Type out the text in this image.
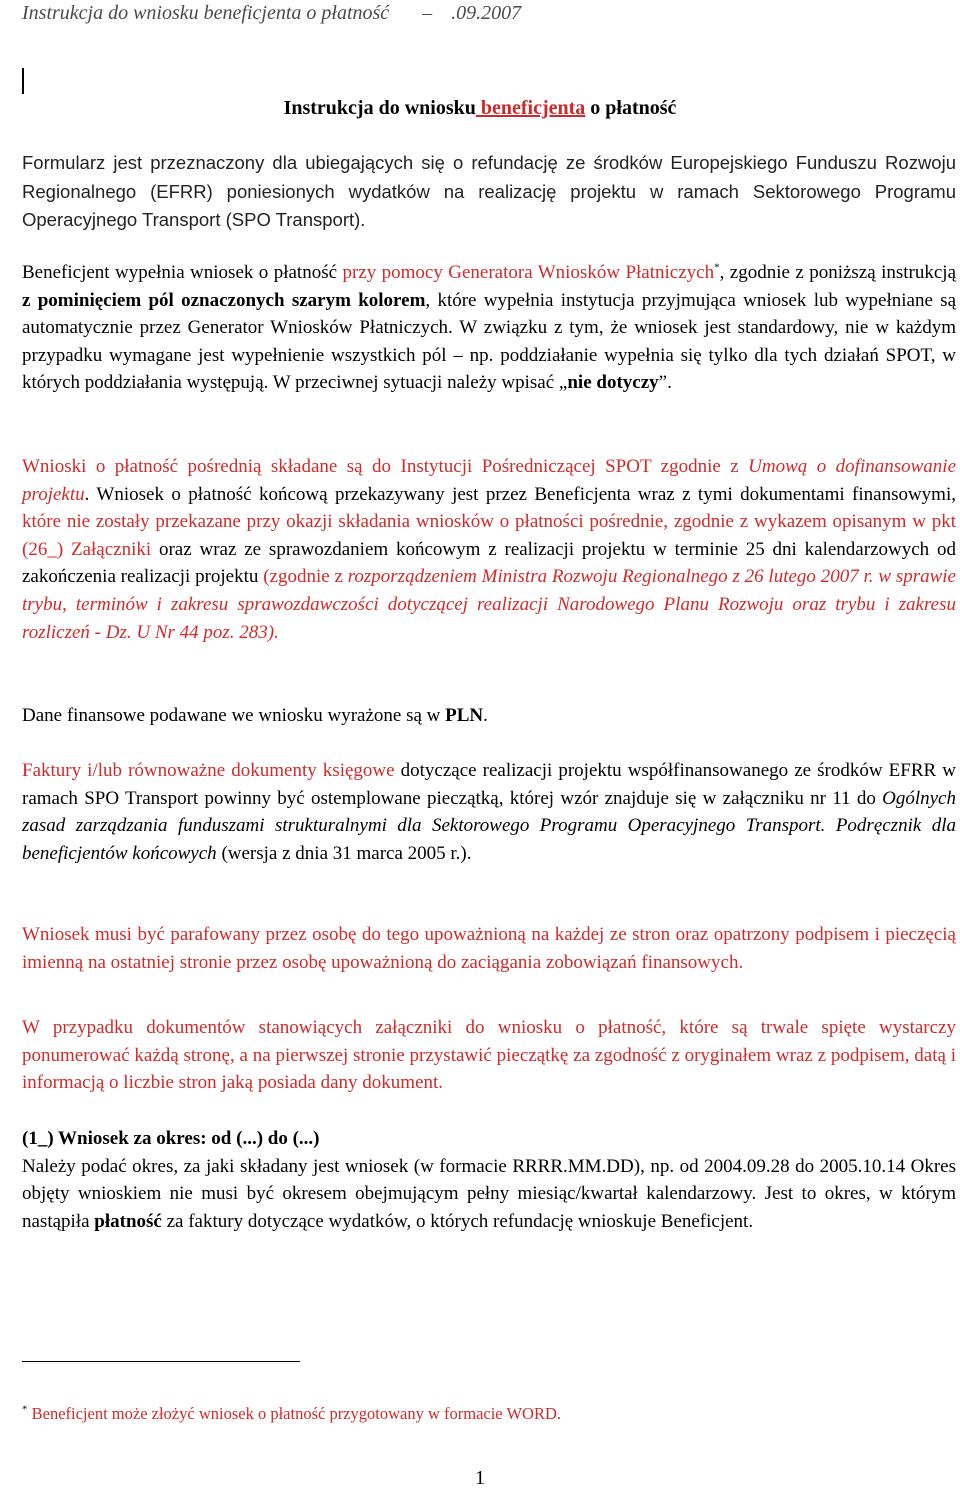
Instrukcja do wniosku beneficjenta o płatność – .09.2007
Instrukcja do wniosku beneficjenta o płatność

Formularz jest przeznaczony dla ubiegających się o refundację ze środków Europejskiego Funduszu Rozwoju Regionalnego (EFRR) poniesionych wydatków na realizację projektu w ramach Sektorowego Programu Operacyjnego Transport (SPO Transport).

Beneficjent wypełnia wniosek o płatność przy pomocy Generatora Wniosków Płatniczych*, zgodnie z poniższą instrukcją z pominięciem pól oznaczonych szarym kolorem, które wypełnia instytucja przyjmująca wniosek lub wypełniane są automatycznie przez Generator Wniosków Płatniczych. W związku z tym, że wniosek jest standardowy, nie w każdym przypadku wymagane jest wypełnienie wszystkich pól – np. poddziałanie wypełnia się tylko dla tych działań SPOT, w których poddziałania występują. W przeciwnej sytuacji należy wpisać „nie dotyczy”.

Wnioski o płatność pośrednią składane są do Instytucji Pośredniczącej SPOT zgodnie z Umową o dofinansowanie projektu. Wniosek o płatność końcową przekazywany jest przez Beneficjenta wraz z tymi dokumentami finansowymi, które nie zostały przekazane przy okazji składania wniosków o płatności pośrednie, zgodnie z wykazem opisanym w pkt (26_) Załączniki oraz wraz ze sprawozdaniem końcowym z realizacji projektu w terminie 25 dni kalendarzowych od zakończenia realizacji projektu (zgodnie z rozporządzeniem Ministra Rozwoju Regionalnego z 26 lutego 2007 r. w sprawie trybu, terminów i zakresu sprawozdawczości dotyczącej realizacji Narodowego Planu Rozwoju oraz trybu i zakresu rozliczeń - Dz. U Nr 44 poz. 283).

Dane finansowe podawane we wniosku wyrażone są w PLN.

Faktury i/lub równoważne dokumenty księgowe dotyczące realizacji projektu współfinansowanego ze środków EFRR w ramach SPO Transport powinny być ostemplowane pieczątką, której wzór znajduje się w załączniku nr 11 do Ogólnych zasad zarządzania funduszami strukturalnymi dla Sektorowego Programu Operacyjnego Transport. Podręcznik dla beneficjentów końcowych (wersja z dnia 31 marca 2005 r.).

Wniosek musi być parafowany przez osobę do tego upoważnioną na każdej ze stron oraz opatrzony podpisem i pieczęcią imienną na ostatniej stronie przez osobę upoważnioną do zaciągania zobowiązań finansowych.

W przypadku dokumentów stanowiących załączniki do wniosku o płatność, które są trwale spięte wystarczy ponumerować każdą stronę, a na pierwszej stronie przystawić pieczątkę za zgodność z oryginałem wraz z podpisem, datą i informacją o liczbie stron jaką posiada dany dokument.

(1_) Wniosek za okres: od (...) do (...)
Należy podać okres, za jaki składany jest wniosek (w formacie RRRR.MM.DD), np. od 2004.09.28 do 2005.10.14 Okres objęty wnioskiem nie musi być okresem obejmującym pełny miesiąc/kwartał kalendarzowy. Jest to okres, w którym nastąpiła płatność za faktury dotyczące wydatków, o których refundację wnioskuje Beneficjent.

* Beneficjent może złożyć wniosek o płatność przygotowany w formacie WORD.
1
